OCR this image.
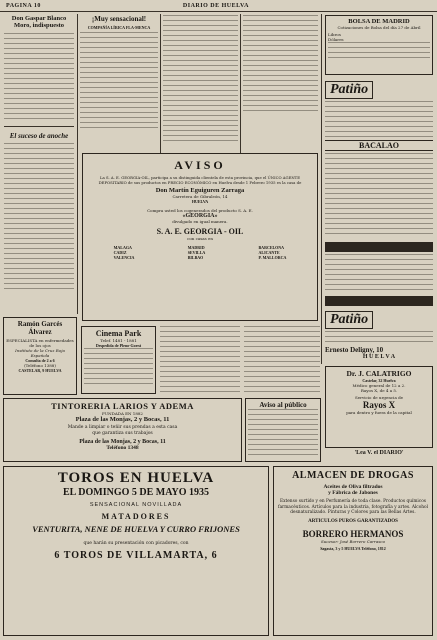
PAGINA 10	DIARIO DE HUELVA
Don Gaspar Blanco Moro, indispuesto
El suceso de anoche
¡Muy sensacional!
COMPAÑÍA LÍRICA FLA-MENCA
AVISO
La S. A. E. GEORGIA-OIL, participa a su distinguida clientela de esta provincia, que el ÚNICO AGENTE DEPOSITARIO de sus productos en PRECIO ECONÓMICO en Huelva desde 1 Febrero 1935 es la casa de
Don Martín Eguiguren Zarraga
Carretera de Gibraleón, 14
HUELVA
Compra usted los cogenerados del producto S. A. E.
«GEORGIA»
divulgado en igual manera.
S. A. E. GEORGIA - OIL
con casas en
MALAGA
CADIZ
VALENCIA
MADRID
SEVILLA
BILBAO
BARCELONA
ALICANTE
P. MALLORCA
BOLSA DE MADRID
Cotizaciones de Bolsa del día 27 de Abril
Libros
Dólares
Patiño
BACALAO
Patiño
Ernesto Deligny, 10
H U E L V A
Ramón Garcés Álvarez
ESPECIALISTA en enfermedades de los ojos
Instituto de la Cruz Roja Española
Consulta de 2 a 6
(Teléfono 1388)
CASTELAR, 9 HUELVA
Cinema Park
Telef. 1481 - 1881
Despedida de Pleno-Gorrá
Dr. J. CALATRIGO
Castelar, 32 Huelva
Médico general de 12 a 2.
Rayos X, de 4 a 5.
Servicio de urgencia de
Rayos X
para dentro y fuera de la capital
TINTORERIA LARIOS Y ADEMA
FUNDADA EN 1882
Plaza de las Monjas, 2 y Bocas, 11
Mande a limpiar o teñir sus prendas a esta casa
que garantiza sus trabajos
Plaza de las Monjas, 2 y Bocas, 11
Teléfono 1348
Aviso al público
'Lea V. el DIARIO'
TOROS EN HUELVA
EL DOMINGO 5 DE MAYO 1935
SENSACIONAL NOVILLADA
MATADORES
VENTURITA, NENE DE HUELVA Y CURRO FRIJONES
que harán su presentación con picadores, con
6 TOROS DE VILLAMARTA, 6
ALMACEN DE DROGAS
Aceites de Oliva filtrados
y Fábrica de Jabones
Extenso surtido y en Perfumería de toda clase. Productos químicos farmacéuticos. Artículos para la industria, fotografía y artes. Alcohol desnaturalizado. Pinturas y Colores para las Bellas Artes.
ARTICULOS PUROS GARANTIZADOS
BORRERO HERMANOS
Sucesor: José Borrero Carrasco
Sagasta, 3 y 5 HUELVA Teléfono, 1812
